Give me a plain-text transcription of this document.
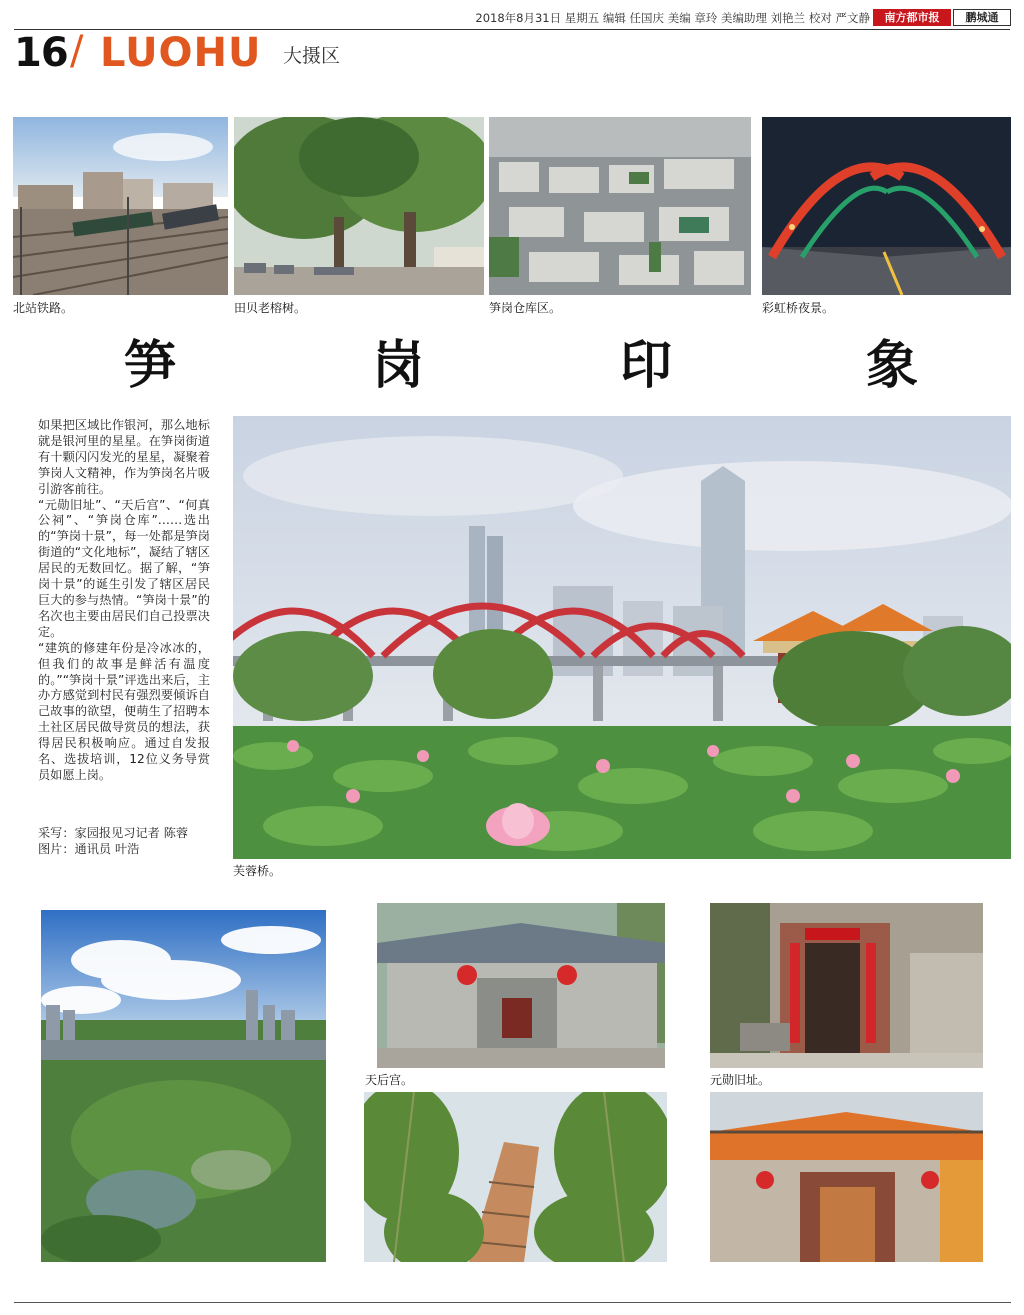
2018年8月31日 星期五 编辑 任国庆 美编 章玲 美编助理 刘艳兰 校对 严文静	南方都市报	鹏城通
16 / LUOHU 大摄区
北站铁路。	田贝老榕树。	笋岗仓库区。	彩虹桥夜景。
笋	岗	印	象

如果把区域比作银河，那么地标就是银河里的星星。在笋岗街道有十颗闪闪发光的星星，凝聚着笋岗人文精神，作为笋岗名片吸引游客前往。

“元勋旧址”、“天后宫”、“何真公祠”、“笋岗仓库”……选出的“笋岗十景”，每一处都是笋岗街道的“文化地标”，凝结了辖区居民的无数回忆。据了解，“笋岗十景”的诞生引发了辖区居民巨大的参与热情。“笋岗十景”的名次也主要由居民们自己投票决定。

“建筑的修建年份是冷冰冰的，但我们的故事是鲜活有温度的。”“笋岗十景”评选出来后，主办方感觉到村民有强烈要倾诉自己故事的欲望，便萌生了招聘本土社区居民做导赏员的想法，获得居民积极响应。通过自发报名、选拔培训，12位义务导赏员如愿上岗。

采写：家园报见习记者 陈蓉
图片：通讯员 叶浩
芙蓉桥。
洪湖公园(陈卫国摄)。
天后宫。	元勋旧址。
田心庆云花园。	何真公祠。
